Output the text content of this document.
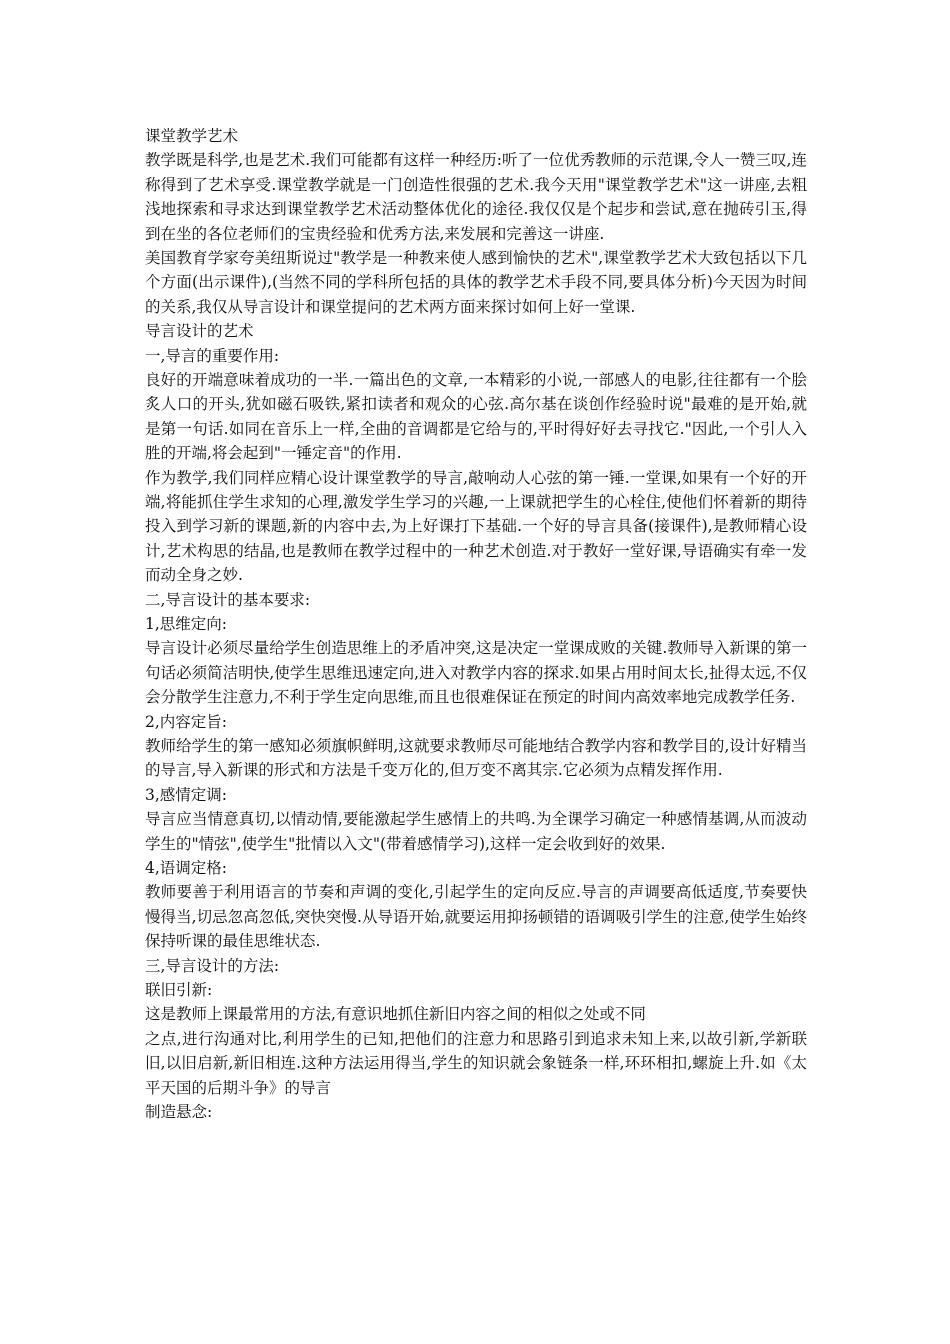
课堂教学艺术
教学既是科学,也是艺术.我们可能都有这样一种经历:听了一位优秀教师的示范课,令人一赞三叹,连称得到了艺术享受.课堂教学就是一门创造性很强的艺术.我今天用"课堂教学艺术"这一讲座,去粗浅地探索和寻求达到课堂教学艺术活动整体优化的途径.我仅仅是个起步和尝试,意在抛砖引玉,得到在坐的各位老师们的宝贵经验和优秀方法,来发展和完善这一讲座.
美国教育学家夸美纽斯说过"教学是一种教来使人感到愉快的艺术",课堂教学艺术大致包括以下几个方面(出示课件),(当然不同的学科所包括的具体的教学艺术手段不同,要具体分析)今天因为时间的关系,我仅从导言设计和课堂提问的艺术两方面来探讨如何上好一堂课.
导言设计的艺术
一,导言的重要作用:
良好的开端意味着成功的一半.一篇出色的文章,一本精彩的小说,一部感人的电影,往往都有一个脍炙人口的开头,犹如磁石吸铁,紧扣读者和观众的心弦.高尔基在谈创作经验时说"最难的是开始,就是第一句话.如同在音乐上一样,全曲的音调都是它给与的,平时得好好去寻找它."因此,一个引人入胜的开端,将会起到"一锤定音"的作用.
作为教学,我们同样应精心设计课堂教学的导言,敲响动人心弦的第一锤.一堂课,如果有一个好的开端,将能抓住学生求知的心理,激发学生学习的兴趣,一上课就把学生的心栓住,使他们怀着新的期待投入到学习新的课题,新的内容中去,为上好课打下基础.一个好的导言具备(接课件),是教师精心设计,艺术构思的结晶,也是教师在教学过程中的一种艺术创造.对于教好一堂好课,导语确实有牵一发而动全身之妙.
二,导言设计的基本要求:
1,思维定向:
导言设计必须尽量给学生创造思维上的矛盾冲突,这是决定一堂课成败的关键.教师导入新课的第一句话必须简洁明快,使学生思维迅速定向,进入对教学内容的探求.如果占用时间太长,扯得太远,不仅会分散学生注意力,不利于学生定向思维,而且也很难保证在预定的时间内高效率地完成教学任务.
2,内容定旨:
教师给学生的第一感知必须旗帜鲜明,这就要求教师尽可能地结合教学内容和教学目的,设计好精当的导言,导入新课的形式和方法是千变万化的,但万变不离其宗.它必须为点精发挥作用.
3,感情定调:
导言应当情意真切,以情动情,要能激起学生感情上的共鸣.为全课学习确定一种感情基调,从而波动学生的"情弦",使学生"批情以入文"(带着感情学习),这样一定会收到好的效果.
4,语调定格:
教师要善于利用语言的节奏和声调的变化,引起学生的定向反应.导言的声调要高低适度,节奏要快慢得当,切忌忽高忽低,突快突慢.从导语开始,就要运用抑扬顿错的语调吸引学生的注意,使学生始终保持听课的最佳思维状态.
三,导言设计的方法:
联旧引新:
这是教师上课最常用的方法,有意识地抓住新旧内容之间的相似之处或不同
之点,进行沟通对比,利用学生的已知,把他们的注意力和思路引到追求未知上来,以故引新,学新联旧,以旧启新,新旧相连.这种方法运用得当,学生的知识就会象链条一样,环环相扣,螺旋上升.如《太平天国的后期斗争》的导言
制造悬念:
